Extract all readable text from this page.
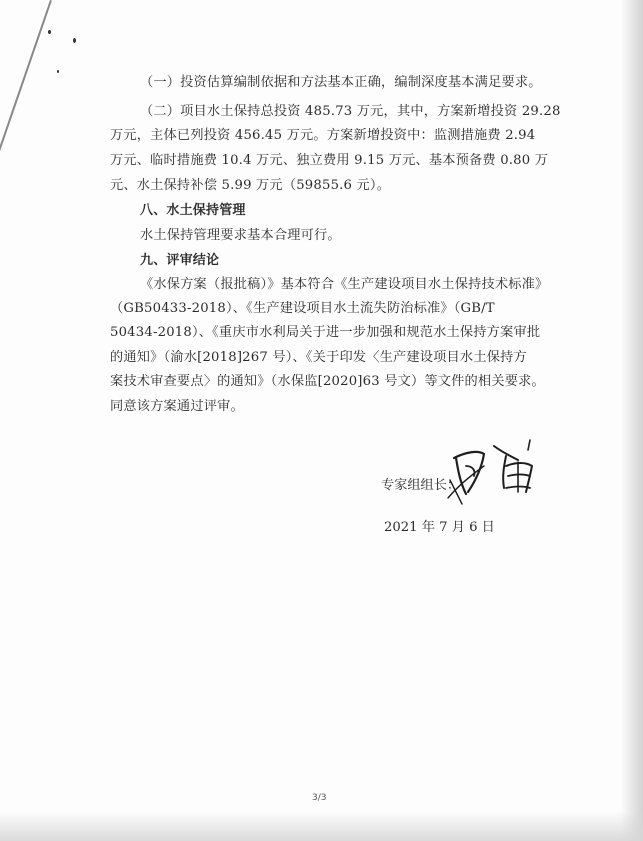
（一）投资估算编制依据和方法基本正确，编制深度基本满足要求。
（二）项目水土保持总投资 485.73 万元，其中，方案新增投资 29.28
万元，主体已列投资 456.45 万元。方案新增投资中：监测措施费 2.94
万元、临时措施费 10.4 万元、独立费用 9.15 万元、基本预备费 0.80 万
元、水土保持补偿 5.99 万元（59855.6 元）。
八、水土保持管理
水土保持管理要求基本合理可行。
九、评审结论
《水保方案（报批稿）》基本符合《生产建设项目水土保持技术标准》
（GB50433-2018）、《生产建设项目水土流失防治标准》（GB/T
50434-2018）、《重庆市水利局关于进一步加强和规范水土保持方案审批
的通知》（渝水[2018]267 号）、《关于印发〈生产建设项目水土保持方
案技术审查要点〉的通知》（水保监[2020]63 号文）等文件的相关要求。
同意该方案通过评审。
专家组组长：
2021 年 7 月 6 日
3/3
